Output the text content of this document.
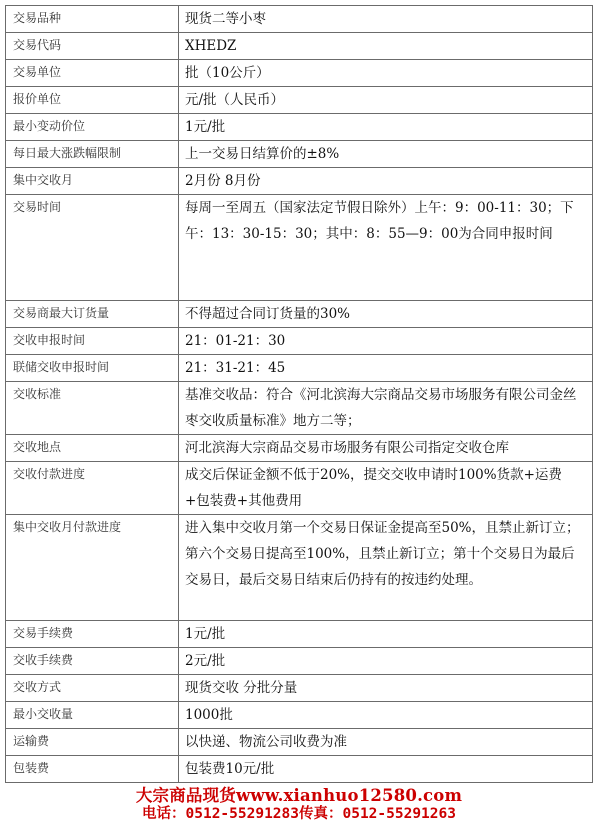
交易品种	现货二等小枣
交易代码	XHEDZ
交易单位	批（10公斤）
报价单位	元/批（人民币）
最小变动价位	1元/批
每日最大涨跌幅限制	上一交易日结算价的±8%
集中交收月	2月份 8月份
交易时间	每周一至周五（国家法定节假日除外）上午：9：00-11：30；下午：13：30-15：30；其中：8：55—9：00为合同申报时间
交易商最大订货量	不得超过合同订货量的30%
交收申报时间	21：01-21：30
联储交收申报时间	21：31-21：45
交收标准	基准交收品：符合《河北滨海大宗商品交易市场服务有限公司金丝枣交收质量标准》地方二等；
交收地点	河北滨海大宗商品交易市场服务有限公司指定交收仓库
交收付款进度	成交后保证金额不低于20%，提交交收申请时100%货款+运费+包装费+其他费用
集中交收月付款进度	进入集中交收月第一个交易日保证金提高至50%，且禁止新订立；第六个交易日提高至100%，且禁止新订立；第十个交易日为最后交易日，最后交易日结束后仍持有的按违约处理。
交易手续费	1元/批
交收手续费	2元/批
交收方式	现货交收 分批分量
最小交收量	1000批
运输费	以快递、物流公司收费为准
包装费	包装费10元/批
大宗商品现货www.xianhuo12580.com
电话：0512-55291283传真：0512-55291263
